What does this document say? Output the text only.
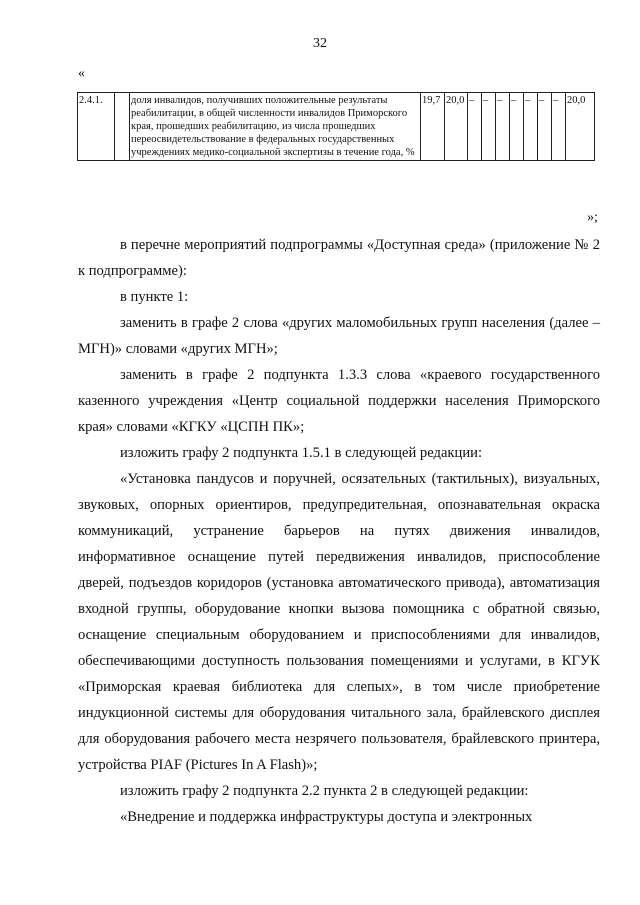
32
«
2.4.1.		доля инвалидов, получивших положительные результаты реабилитации, в общей численности инвалидов Приморского края, прошедших реабилитацию, из числа прошедших переосвидетельствование в федеральных государственных учреждениях медико-социальной экспертизы в течение года, %	19,7	20,0	–	–	–	–	–	–	–	20,0
»;

в перечне мероприятий подпрограммы «Доступная среда» (приложение № 2 к подпрограмме):

в пункте 1:

заменить в графе 2 слова «других маломобильных групп населения (далее – МГН)» словами «других МГН»;

заменить в графе 2 подпункта 1.3.3 слова «краевого государственного казенного учреждения «Центр социальной поддержки населения Приморского края» словами «КГКУ «ЦСПН ПК»;

изложить графу 2 подпункта 1.5.1 в следующей редакции:

«Установка пандусов и поручней, осязательных (тактильных), визуальных, звуковых, опорных ориентиров, предупредительная, опознавательная окраска коммуникаций, устранение барьеров на путях движения инвалидов, информативное оснащение путей передвижения инвалидов, приспособление дверей, подъездов коридоров (установка автоматического привода), автоматизация входной группы, оборудование кнопки вызова помощника с обратной связью, оснащение специальным оборудованием и приспособлениями для инвалидов, обеспечивающими доступность пользования помещениями и услугами, в КГУК «Приморская краевая библиотека для слепых», в том числе приобретение индукционной системы для оборудования читального зала, брайлевского дисплея для оборудования рабочего места незрячего пользователя, брайлевского принтера, устройства PIAF (Pictures In A Flash)»;

изложить графу 2 подпункта 2.2 пункта 2 в следующей редакции:

«Внедрение и поддержка инфраструктуры доступа и электронных
